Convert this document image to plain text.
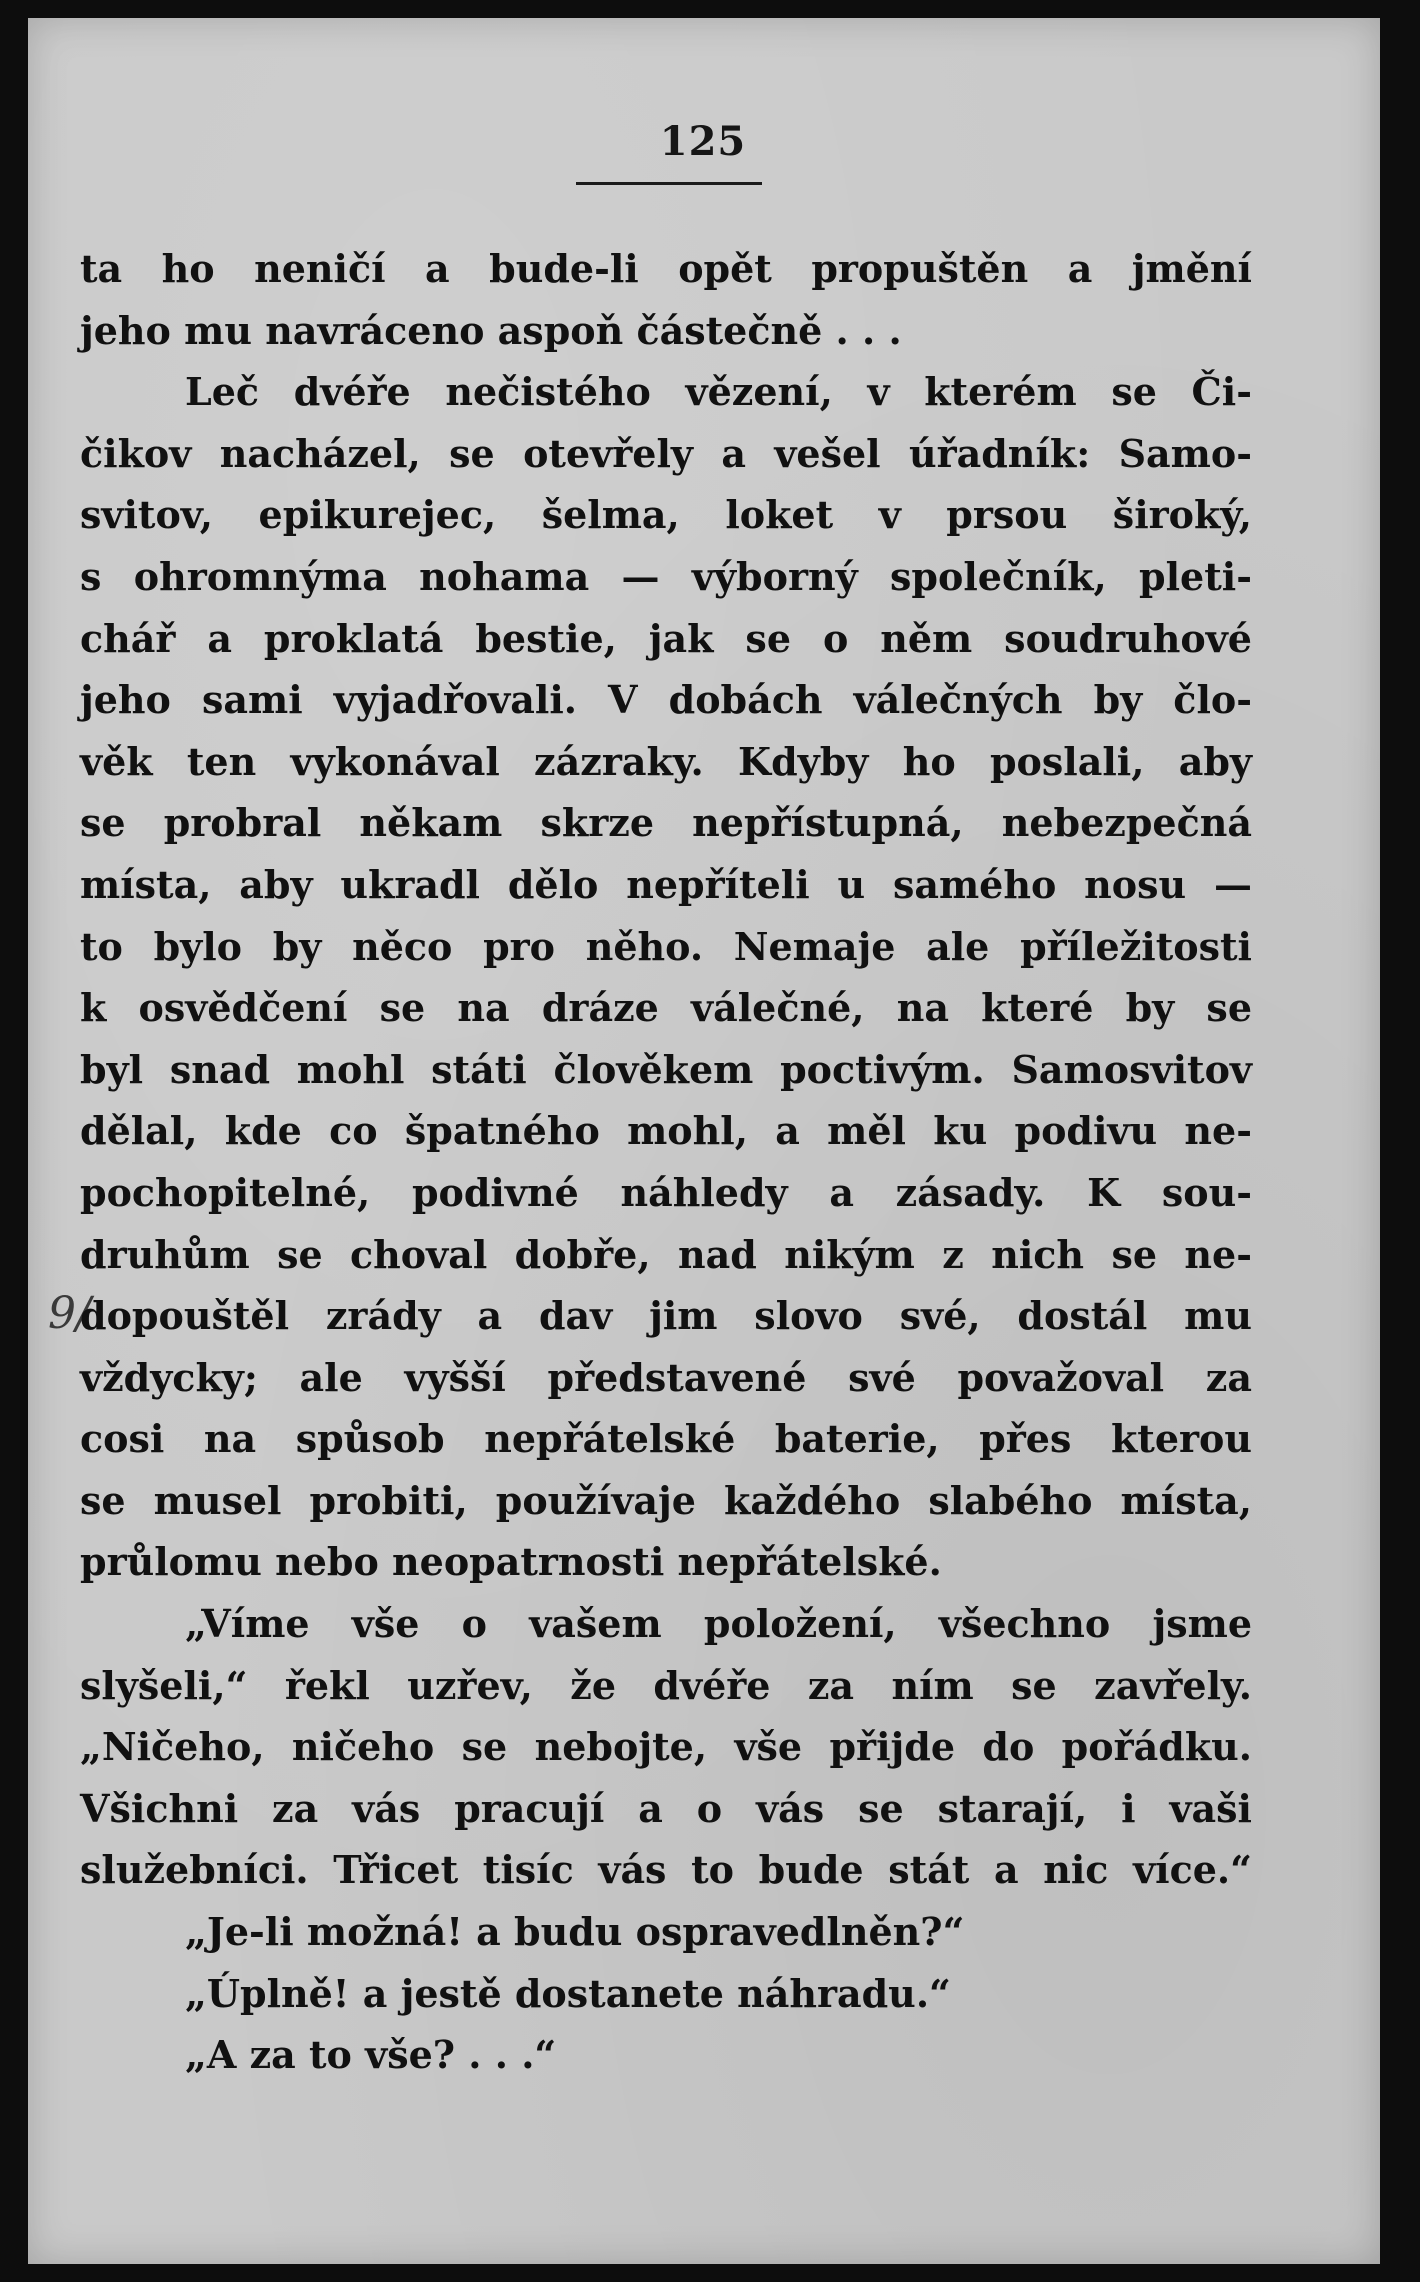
125
9/
ta ho neničí a bude-li opět propuštěn a jmění
jeho mu navráceno aspoň částečně . . .
Leč dvéře nečistého vězení, v kterém se Či-
čikov nacházel, se otevřely a vešel úřadník: Samo-
svitov, epikurejec, šelma, loket v prsou široký,
s ohromnýma nohama — výborný společník, pleti-
chář a proklatá bestie, jak se o něm soudruhové
jeho sami vyjadřovali. V dobách válečných by člo-
věk ten vykonával zázraky. Kdyby ho poslali, aby
se probral někam skrze nepřístupná, nebezpečná
místa, aby ukradl dělo nepříteli u samého nosu —
to bylo by něco pro něho. Nemaje ale příležitosti
k osvědčení se na dráze válečné, na které by se
byl snad mohl státi člověkem poctivým. Samosvitov
dělal, kde co špatného mohl, a měl ku podivu ne-
pochopitelné, podivné náhledy a zásady. K sou-
druhům se choval dobře, nad nikým z nich se ne-
dopouštěl zrády a dav jim slovo své, dostál mu
vždycky; ale vyšší představené své považoval za
cosi na spůsob nepřátelské baterie, přes kterou
se musel probiti, používaje každého slabého místa,
průlomu nebo neopatrnosti nepřátelské.
„Víme vše o vašem položení, všechno jsme
slyšeli,“ řekl uzřev, že dvéře za ním se zavřely.
„Ničeho, ničeho se nebojte, vše přijde do pořádku.
Všichni za vás pracují a o vás se starají, i vaši
služebníci. Třicet tisíc vás to bude stát a nic více.“
„Je-li možná! a budu ospravedlněn?“
„Úplně! a jestě dostanete náhradu.“
„A za to vše? . . .“
